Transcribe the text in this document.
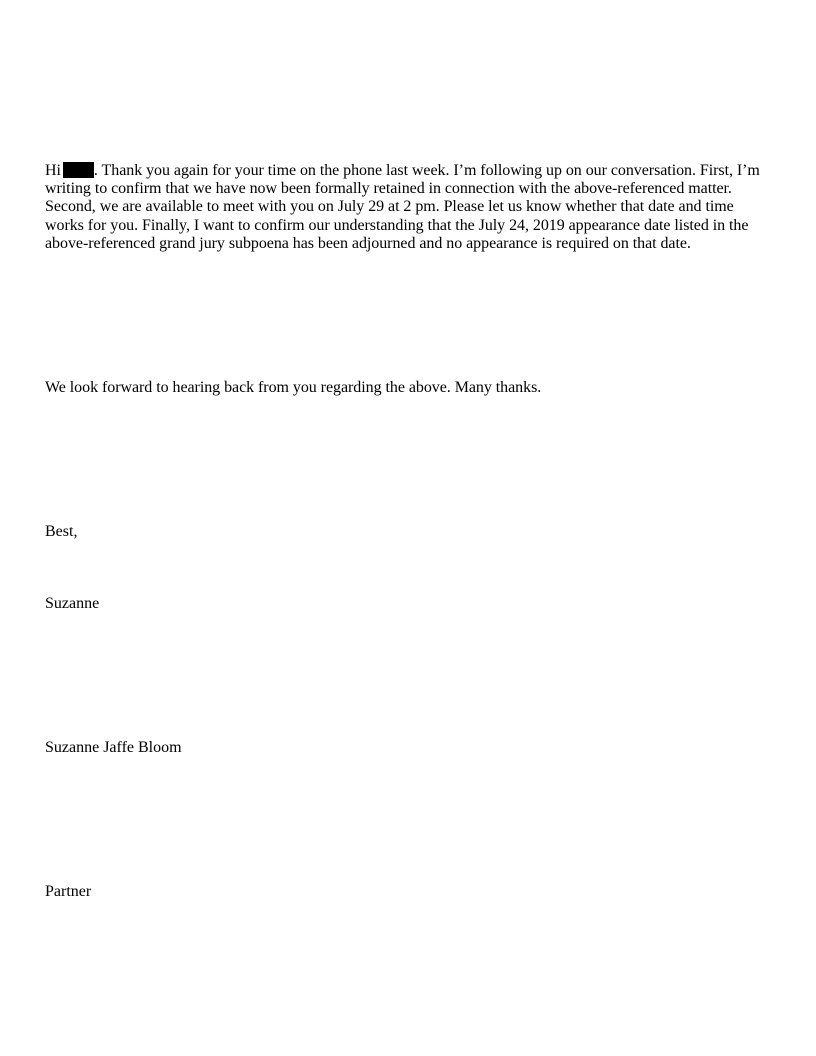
Hi . Thank you again for your time on the phone last week. I’m following up on our conversation. First, I’m writing to confirm that we have now been formally retained in connection with the above-referenced matter. Second, we are available to meet with you on July 29 at 2 pm. Please let us know whether that date and time works for you. Finally, I want to confirm our understanding that the July 24, 2019 appearance date listed in the above-referenced grand jury subpoena has been adjourned and no appearance is required on that date.

We look forward to hearing back from you regarding the above. Many thanks.

Best,

Suzanne

Suzanne Jaffe Bloom

Partner
